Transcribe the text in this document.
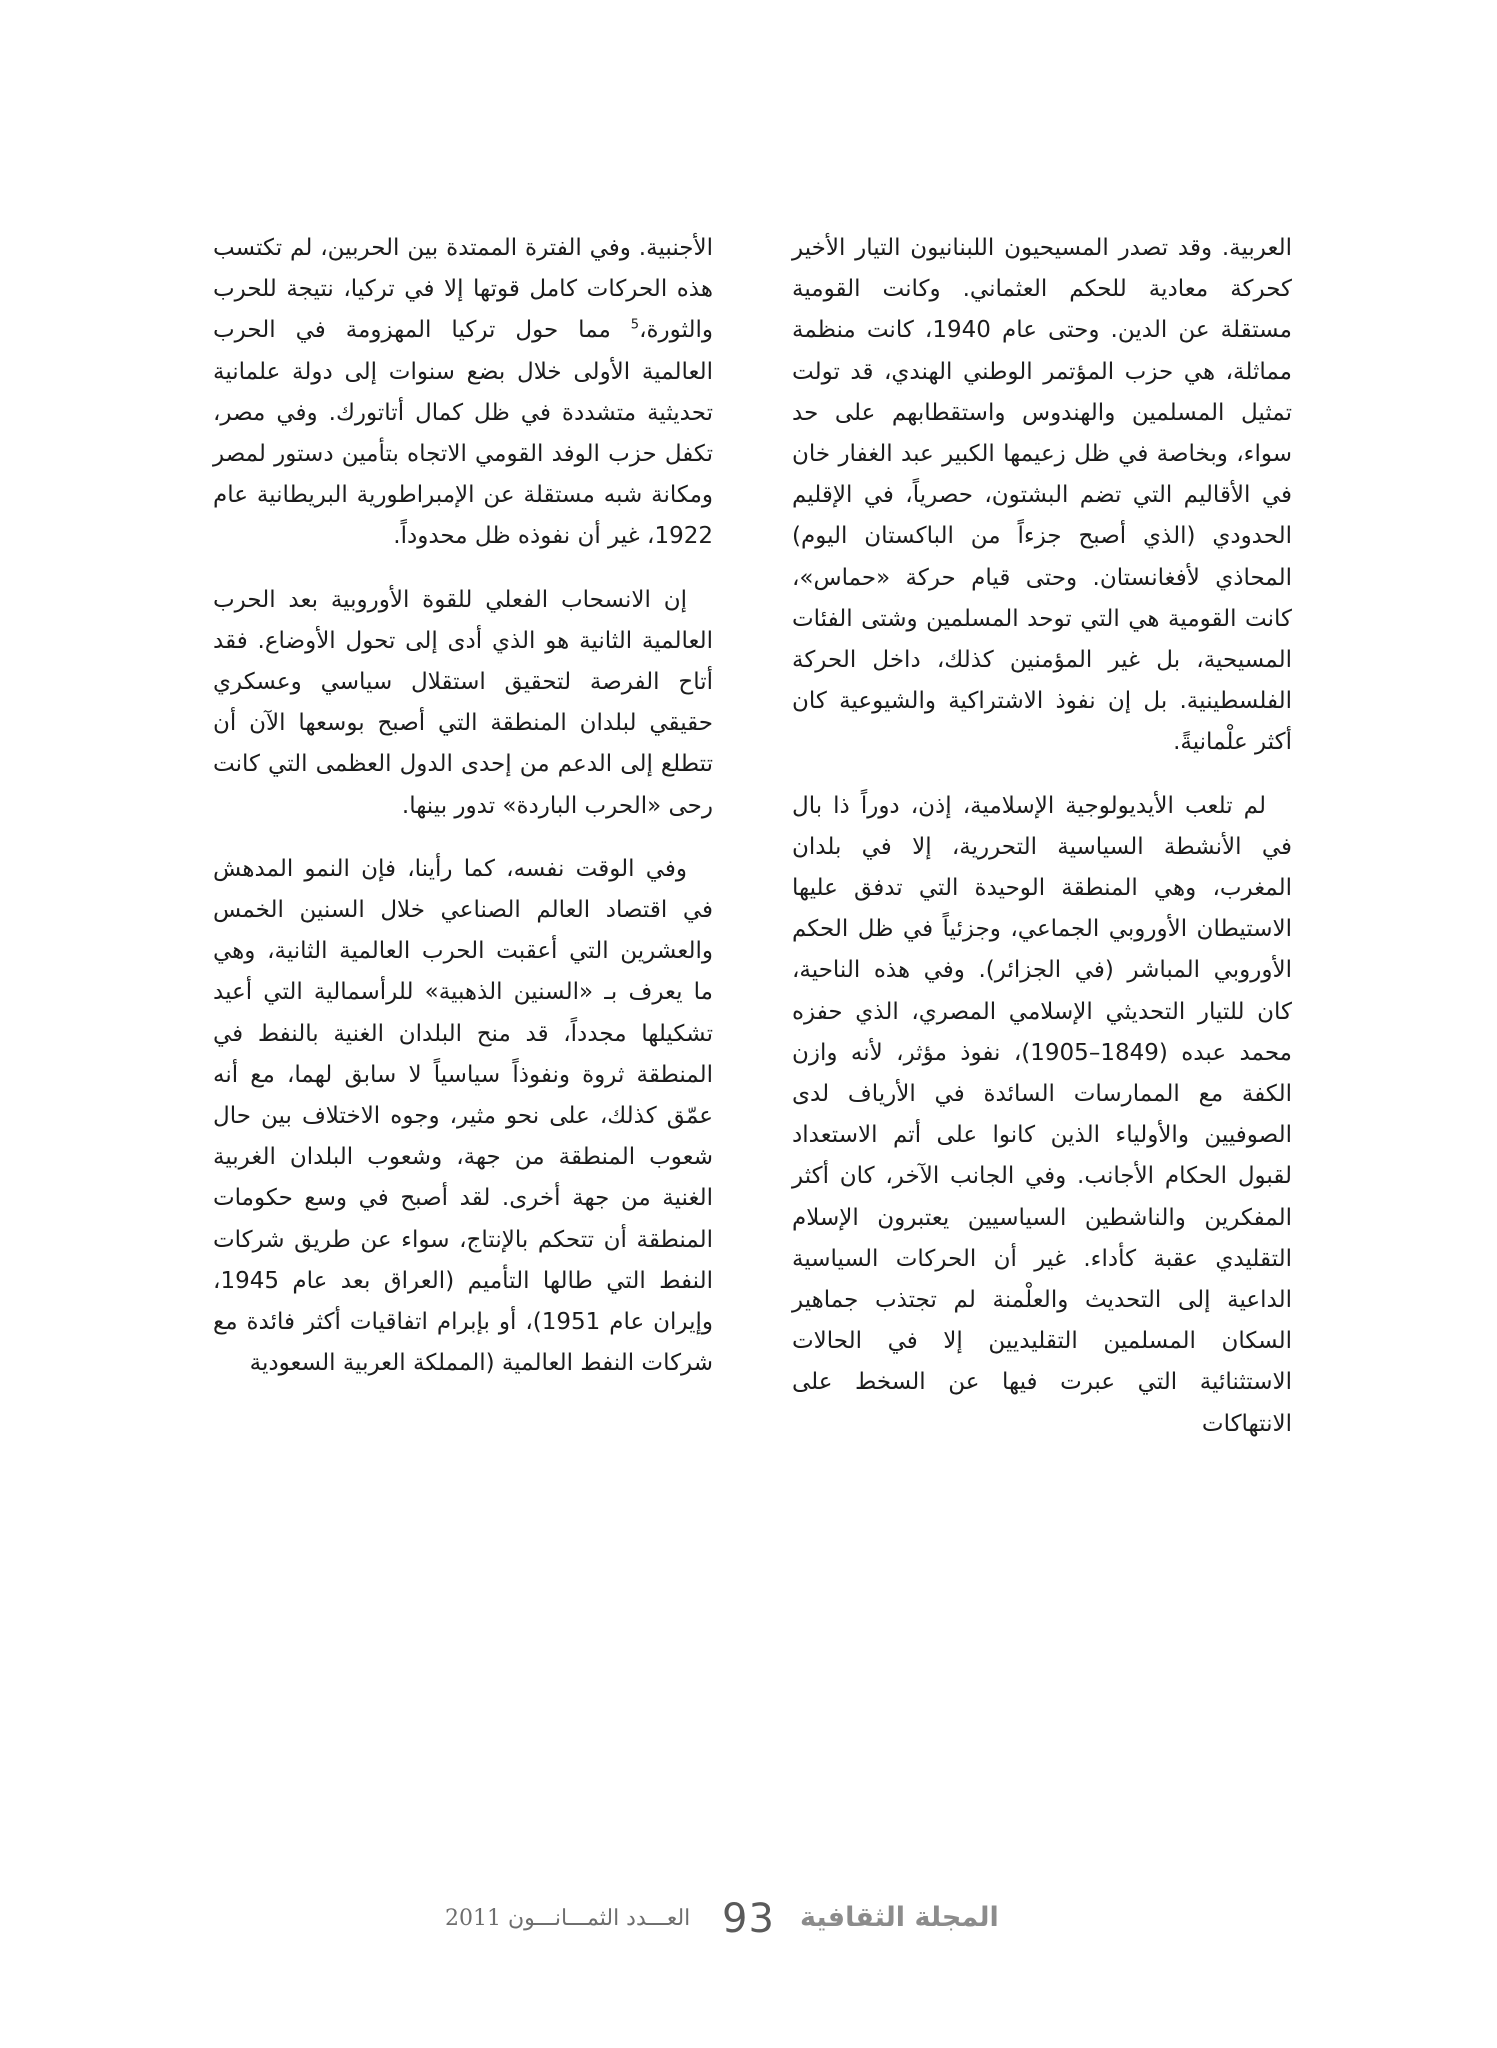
العربية. وقد تصدر المسيحيون اللبنانيون التيار الأخير كحركة معادية للحكم العثماني. وكانت القومية مستقلة عن الدين. وحتى عام 1940، كانت منظمة مماثلة، هي حزب المؤتمر الوطني الهندي، قد تولت تمثيل المسلمين والهندوس واستقطابهم على حد سواء، وبخاصة في ظل زعيمها الكبير عبد الغفار خان في الأقاليم التي تضم البشتون، حصرياً، في الإقليم الحدودي (الذي أصبح جزءاً من الباكستان اليوم) المحاذي لأفغانستان. وحتى قيام حركة «حماس»، كانت القومية هي التي توحد المسلمين وشتى الفئات المسيحية، بل غير المؤمنين كذلك، داخل الحركة الفلسطينية. بل إن نفوذ الاشتراكية والشيوعية كان أكثر علْمانيةً.

لم تلعب الأيديولوجية الإسلامية، إذن، دوراً ذا بال في الأنشطة السياسية التحررية، إلا في بلدان المغرب، وهي المنطقة الوحيدة التي تدفق عليها الاستيطان الأوروبي الجماعي، وجزئياً في ظل الحكم الأوروبي المباشر (في الجزائر). وفي هذه الناحية، كان للتيار التحديثي الإسلامي المصري، الذي حفزه محمد عبده (1849–1905)، نفوذ مؤثر، لأنه وازن الكفة مع الممارسات السائدة في الأرياف لدى الصوفيين والأولياء الذين كانوا على أتم الاستعداد لقبول الحكام الأجانب. وفي الجانب الآخر، كان أكثر المفكرين والناشطين السياسيين يعتبرون الإسلام التقليدي عقبة كأداء. غير أن الحركات السياسية الداعية إلى التحديث والعلْمنة لم تجتذب جماهير السكان المسلمين التقليديين إلا في الحالات الاستثنائية التي عبرت فيها عن السخط على الانتهاكات

الأجنبية. وفي الفترة الممتدة بين الحربين، لم تكتسب هذه الحركات كامل قوتها إلا في تركيا، نتيجة للحرب والثورة،$^5$ مما حول تركيا المهزومة في الحرب العالمية الأولى خلال بضع سنوات إلى دولة علمانية تحديثية متشددة في ظل كمال أتاتورك. وفي مصر، تكفل حزب الوفد القومي الاتجاه بتأمين دستور لمصر ومكانة شبه مستقلة عن الإمبراطورية البريطانية عام 1922، غير أن نفوذه ظل محدوداً.

إن الانسحاب الفعلي للقوة الأوروبية بعد الحرب العالمية الثانية هو الذي أدى إلى تحول الأوضاع. فقد أتاح الفرصة لتحقيق استقلال سياسي وعسكري حقيقي لبلدان المنطقة التي أصبح بوسعها الآن أن تتطلع إلى الدعم من إحدى الدول العظمى التي كانت رحى «الحرب الباردة» تدور بينها.

وفي الوقت نفسه، كما رأينا، فإن النمو المدهش في اقتصاد العالم الصناعي خلال السنين الخمس والعشرين التي أعقبت الحرب العالمية الثانية، وهي ما يعرف بـ «السنين الذهبية» للرأسمالية التي أعيد تشكيلها مجدداً، قد منح البلدان الغنية بالنفط في المنطقة ثروة ونفوذاً سياسياً لا سابق لهما، مع أنه عمّق كذلك، على نحو مثير، وجوه الاختلاف بين حال شعوب المنطقة من جهة، وشعوب البلدان الغربية الغنية من جهة أخرى. لقد أصبح في وسع حكومات المنطقة أن تتحكم بالإنتاج، سواء عن طريق شركات النفط التي طالها التأميم (العراق بعد عام 1945، وإيران عام 1951)، أو بإبرام اتفاقيات أكثر فائدة مع شركات النفط العالمية (المملكة العربية السعودية

العـــدد الثمـــانـــون 2011 93 المجلة الثقافية
